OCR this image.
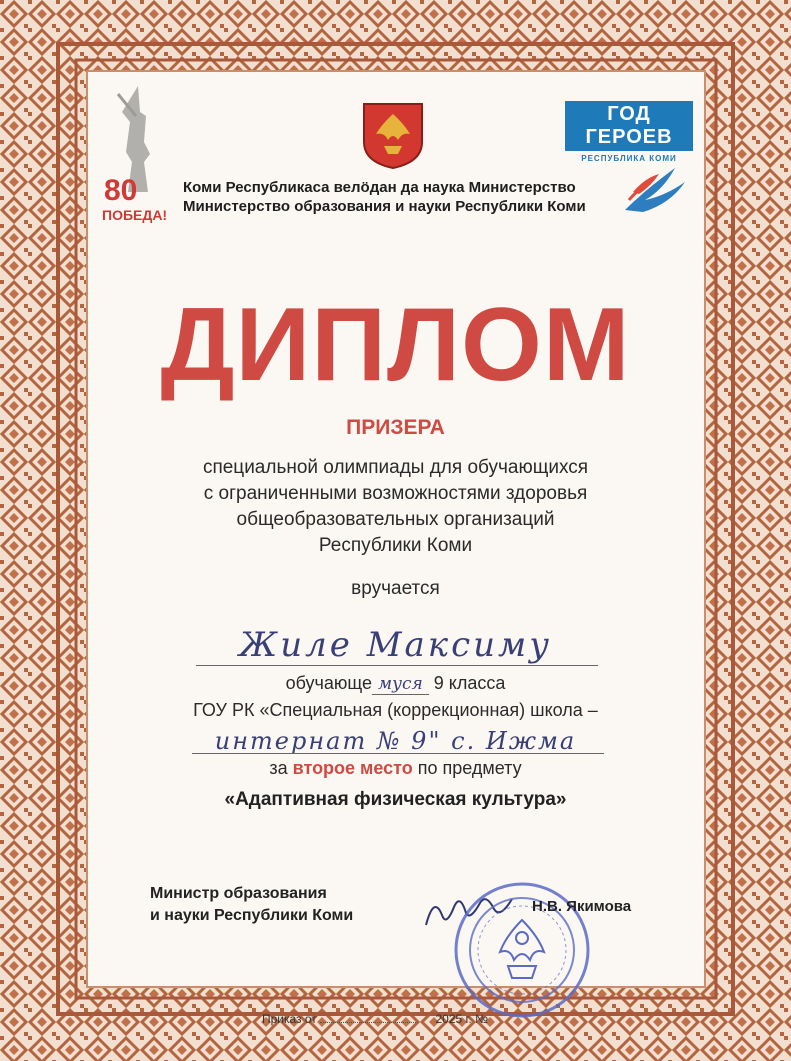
80
ПОБЕДА!
ГОД ГЕРОЕВ
РЕСПУБЛИКА КОМИ
Коми Республикаса велӧдан да наука Министерство
Министерство образования и науки Республики Коми
ДИПЛОМ
ПРИЗЕРА
специальной олимпиады для обучающихся
с ограниченными возможностями здоровья
общеобразовательных организаций
Республики Коми
вручается
Жиле Максиму
обучающе муся 9 класса
ГОУ РК «Специальная (коррекционная) школа –
интернат № 9" с. Ижма
за второе место по предмету
«Адаптивная физическая культура»
Министр образования
и науки Республики Коми
Н.В. Якимова
Приказ от	2025 г. №
